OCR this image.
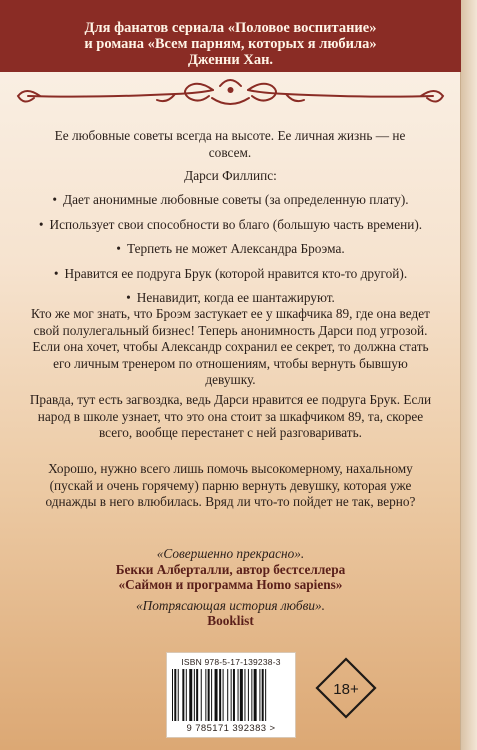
Для фанатов сериала «Половое воспитание»
и романа «Всем парням, которых я любила»
Дженни Хан.
Ее любовные советы всегда на высоте. Ее личная жизнь — не совсем.
Дарси Филлипс:
• Дает анонимные любовные советы (за определенную плату).
• Использует свои способности во благо (большую часть времени).
• Терпеть не может Александра Броэма.
• Нравится ее подруга Брук (которой нравится кто-то другой).
• Ненавидит, когда ее шантажируют.
Кто же мог знать, что Броэм застукает ее у шкафчика 89, где она ведет свой полулегальный бизнес! Теперь анонимность Дарси под угрозой. Если она хочет, чтобы Александр сохранил ее секрет, то должна стать его личным тренером по отношениям, чтобы вернуть бывшую девушку.
Правда, тут есть загвоздка, ведь Дарси нравится ее подруга Брук. Если народ в школе узнает, что это она стоит за шкафчиком 89, та, скорее всего, вообще перестанет с ней разговаривать.
Хорошо, нужно всего лишь помочь высокомерному, нахальному (пускай и очень горячему) парню вернуть девушку, которая уже однажды в него влюбилась. Вряд ли что-то пойдет не так, верно?
«Совершенно прекрасно».
Бекки Алберталли, автор бестселлера
«Саймон и программа Homo sapiens»
«Потрясающая история любви».
Booklist
ISBN 978-5-17-139238-3
9 785171 392383 >
18+
